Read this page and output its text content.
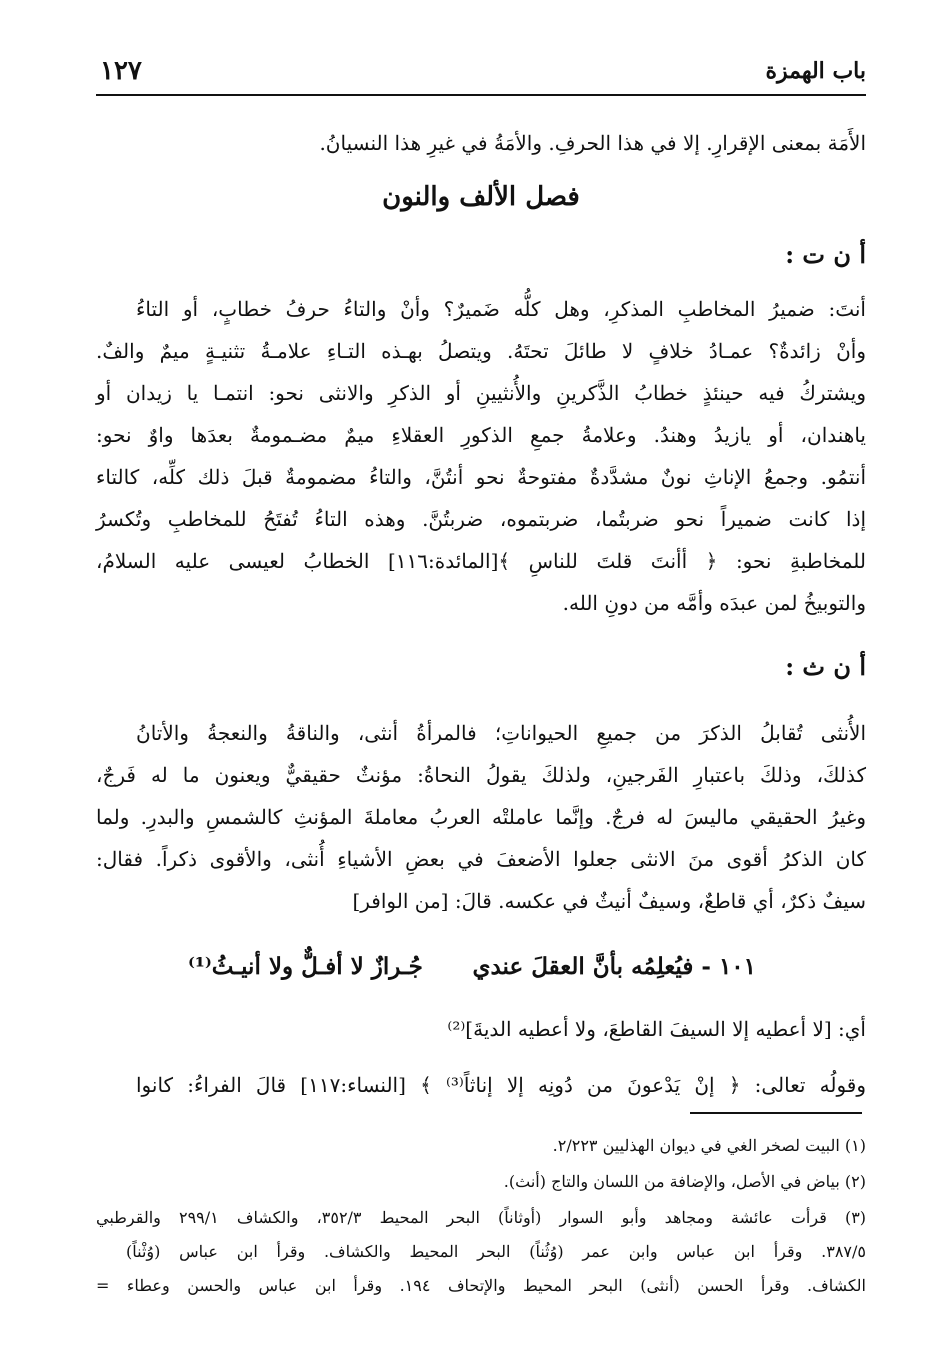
باب الهمزة
١٢٧
الأَمَة بمعنى الإقرارِ. إلا في هذا الحرفِ. والأمَةُ في غيرِ هذا النسيانُ.
فصل الألف والنون
أ ن ت :
أنتَ: ضميرُ المخاطبِ المذكرِ، وهل كلُّه ضَميرٌ؟ وأنْ والتاءُ حرفُ خطابٍ، أو التاءُ
وأنْ زائدةٌ؟ عمـادُ خلافٍ لا طائلَ تحتَهُ. ويتصلُ بهـذه التـاءِ علامـةُ تثنيـةٍ ميمٌ والفٌ.
ويشتركُ فيه حينئذٍ خطابُ الذَّكرينِ والأُنثيينِ أو الذكرِ والانثى نحو: انتمـا يا زيدان أو
ياهندان، أو يازيدُ وهندُ. وعلامةُ جمعِ الذكورِ العقلاءِ ميمٌ مضـمومةٌ بعدَها واوٌ نحو:
أنتمُو. وجمعُ الإناثِ نونٌ مشدَّدةٌ مفتوحةٌ نحو أنتُنَّ، والتاءُ مضمومةٌ قبلَ ذلك كلِّه، كالتاء
إذا كانت ضميراً نحو ضربتُما، ضربتموه، ضربتُنَّ. وهذه التاءُ تُفتَحُ للمخاطبِ وتُكسرُ
للمخاطبةِ نحو: ﴿ أأنتَ قلتَ للناسِ ﴾[المائدة:١١٦] الخطابُ لعيسى عليه السلامُ،
والتوبيخُ لمن عبدَه وأمَّه من دونِ الله.
أ ن ث :
الأُنثى تُقابلُ الذكرَ من جميعِ الحيواناتِ؛ فالمرأةُ أنثى، والناقةُ والنعجةُ والأتانُ
كذلكَ، وذلكَ باعتبارِ الفَرجينِ، ولذلكَ يقولُ النحاةُ: مؤنثٌ حقيقيٌّ ويعنون ما له فَرجٌ،
وغيرُ الحقيقي ماليسَ له فرجٌ. وإنَّما عاملتْه العربُ معاملةَ المؤنثِ كالشمسِ والبدرِ. ولما
كان الذكرُ أقوى منَ الانثى جعلوا الأضعفَ في بعضِ الأشياءِ أُنثى، والأقوى ذكراً. فقال:
سيفٌ ذكرٌ، أي قاطعٌ، وسيفٌ أنيثٌ في عكسه. قالَ: [من الوافر]
١٠١ - فيُعلِمُه بأنَّ العقلَ عندي
جُـرازٌ لا أفـلٌّ ولا أنيـثُ⁽¹⁾
أي: [لا أعطيه إلا السيفَ القاطعَ، ولا أعطيه الديةَ]⁽²⁾
وقولُه تعالى: ﴿ إنْ يَدْعونَ من دُونِه إلا إناثاً⁽³⁾ ﴾ [النساء:١١٧] قالَ الفراءُ: كانوا
(١) البيت لصخر الغي في ديوان الهذليين ٢/٢٢٣.
(٢) بياض في الأصل، والإضافة من اللسان والتاج (أنث).
(٣) قرأت عائشة ومجاهد وأبو السوار (أوثاناً) البحر المحيط ٣٥٢/٣، والكشاف ٢٩٩/١ والقرطبي
٣٨٧/٥. وقرأ ابن عباس وابن عمر (وُثُناً) البحر المحيط والكشاف. وقرأ ابن عباس (وُثْناً)
الكشاف. وقرأ الحسن (أنثى) البحر المحيط والإتحاف ١٩٤. وقرأ ابن عباس والحسن وعطاء =
